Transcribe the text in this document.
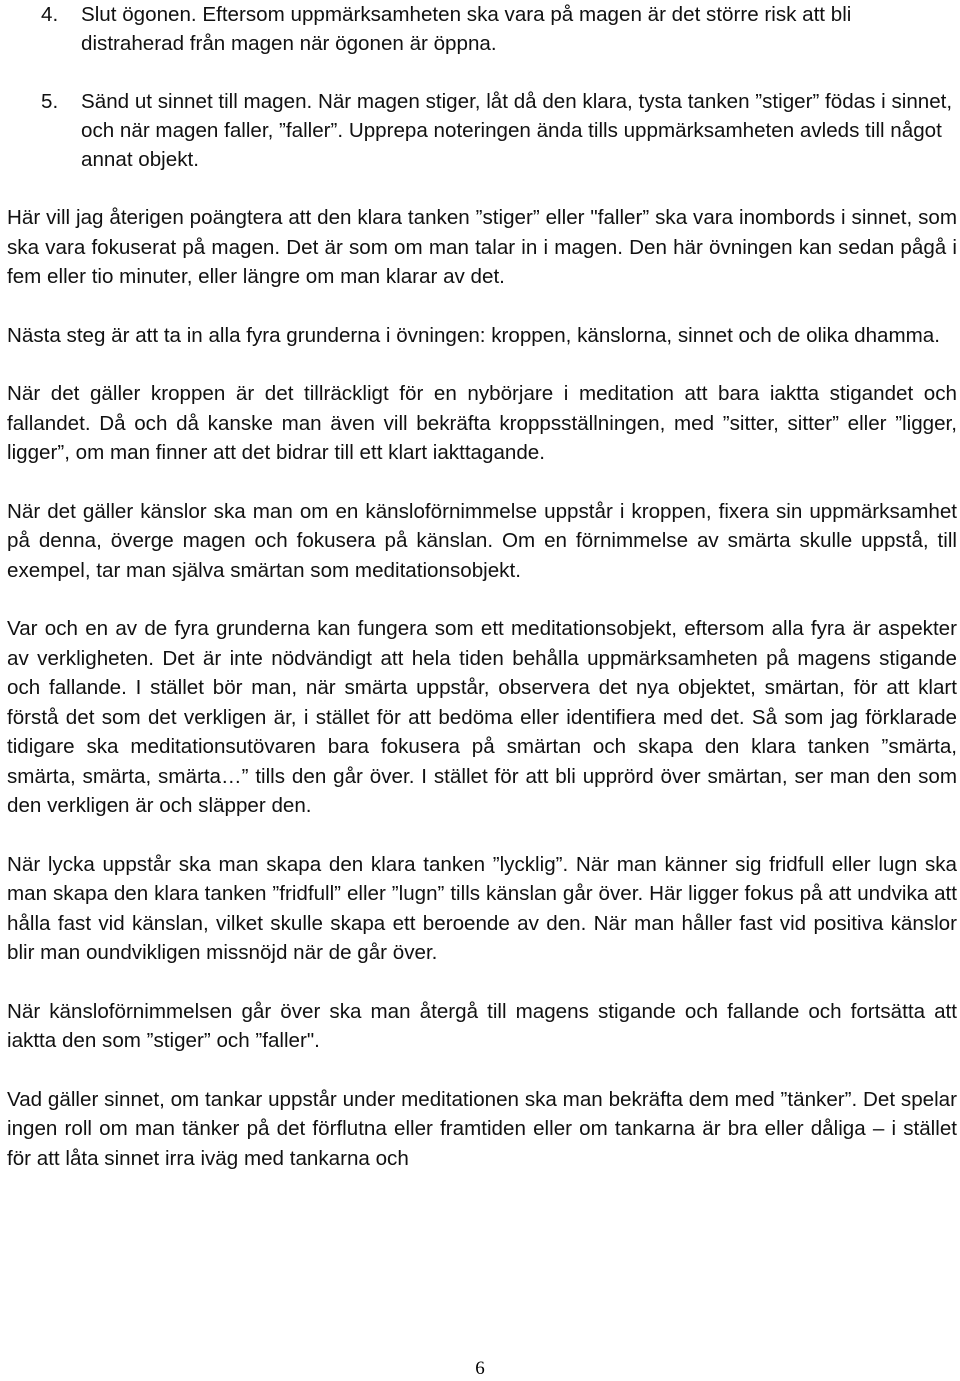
4. Slut ögonen. Eftersom uppmärksamheten ska vara på magen är det större risk att bli distraherad från magen när ögonen är öppna.
5. Sänd ut sinnet till magen. När magen stiger, låt då den klara, tysta tanken ”stiger” födas i sinnet, och när magen faller, ”faller”. Upprepa noteringen ända tills uppmärksamheten avleds till något annat objekt.

Här vill jag återigen poängtera att den klara tanken ”stiger” eller "faller” ska vara inombords i sinnet, som ska vara fokuserat på magen. Det är som om man talar in i magen. Den här övningen kan sedan pågå i fem eller tio minuter, eller längre om man klarar av det.

Nästa steg är att ta in alla fyra grunderna i övningen: kroppen, känslorna, sinnet och de olika dhamma.

När det gäller kroppen är det tillräckligt för en nybörjare i meditation att bara iaktta stigandet och fallandet. Då och då kanske man även vill bekräfta kroppsställningen, med ”sitter, sitter” eller ”ligger, ligger”, om man finner att det bidrar till ett klart iakttagande.

När det gäller känslor ska man om en känsloförnimmelse uppstår i kroppen, fixera sin uppmärksamhet på denna, överge magen och fokusera på känslan. Om en förnimmelse av smärta skulle uppstå, till exempel, tar man själva smärtan som meditationsobjekt.

Var och en av de fyra grunderna kan fungera som ett meditationsobjekt, eftersom alla fyra är aspekter av verkligheten. Det är inte nödvändigt att hela tiden behålla uppmärksamheten på magens stigande och fallande. I stället bör man, när smärta uppstår, observera det nya objektet, smärtan, för att klart förstå det som det verkligen är, i stället för att bedöma eller identifiera med det. Så som jag förklarade tidigare ska meditationsutövaren bara fokusera på smärtan och skapa den klara tanken ”smärta, smärta, smärta, smärta…” tills den går över. I stället för att bli upprörd över smärtan, ser man den som den verkligen är och släpper den.

När lycka uppstår ska man skapa den klara tanken ”lycklig”. När man känner sig fridfull eller lugn ska man skapa den klara tanken ”fridfull” eller ”lugn” tills känslan går över. Här ligger fokus på att undvika att hålla fast vid känslan, vilket skulle skapa ett beroende av den. När man håller fast vid positiva känslor blir man oundvikligen missnöjd när de går över.

När känsloförnimmelsen går över ska man återgå till magens stigande och fallande och fortsätta att iaktta den som ”stiger” och ”faller".

Vad gäller sinnet, om tankar uppstår under meditationen ska man bekräfta dem med ”tänker”. Det spelar ingen roll om man tänker på det förflutna eller framtiden eller om tankarna är bra eller dåliga – i stället för att låta sinnet irra iväg med tankarna och

6
